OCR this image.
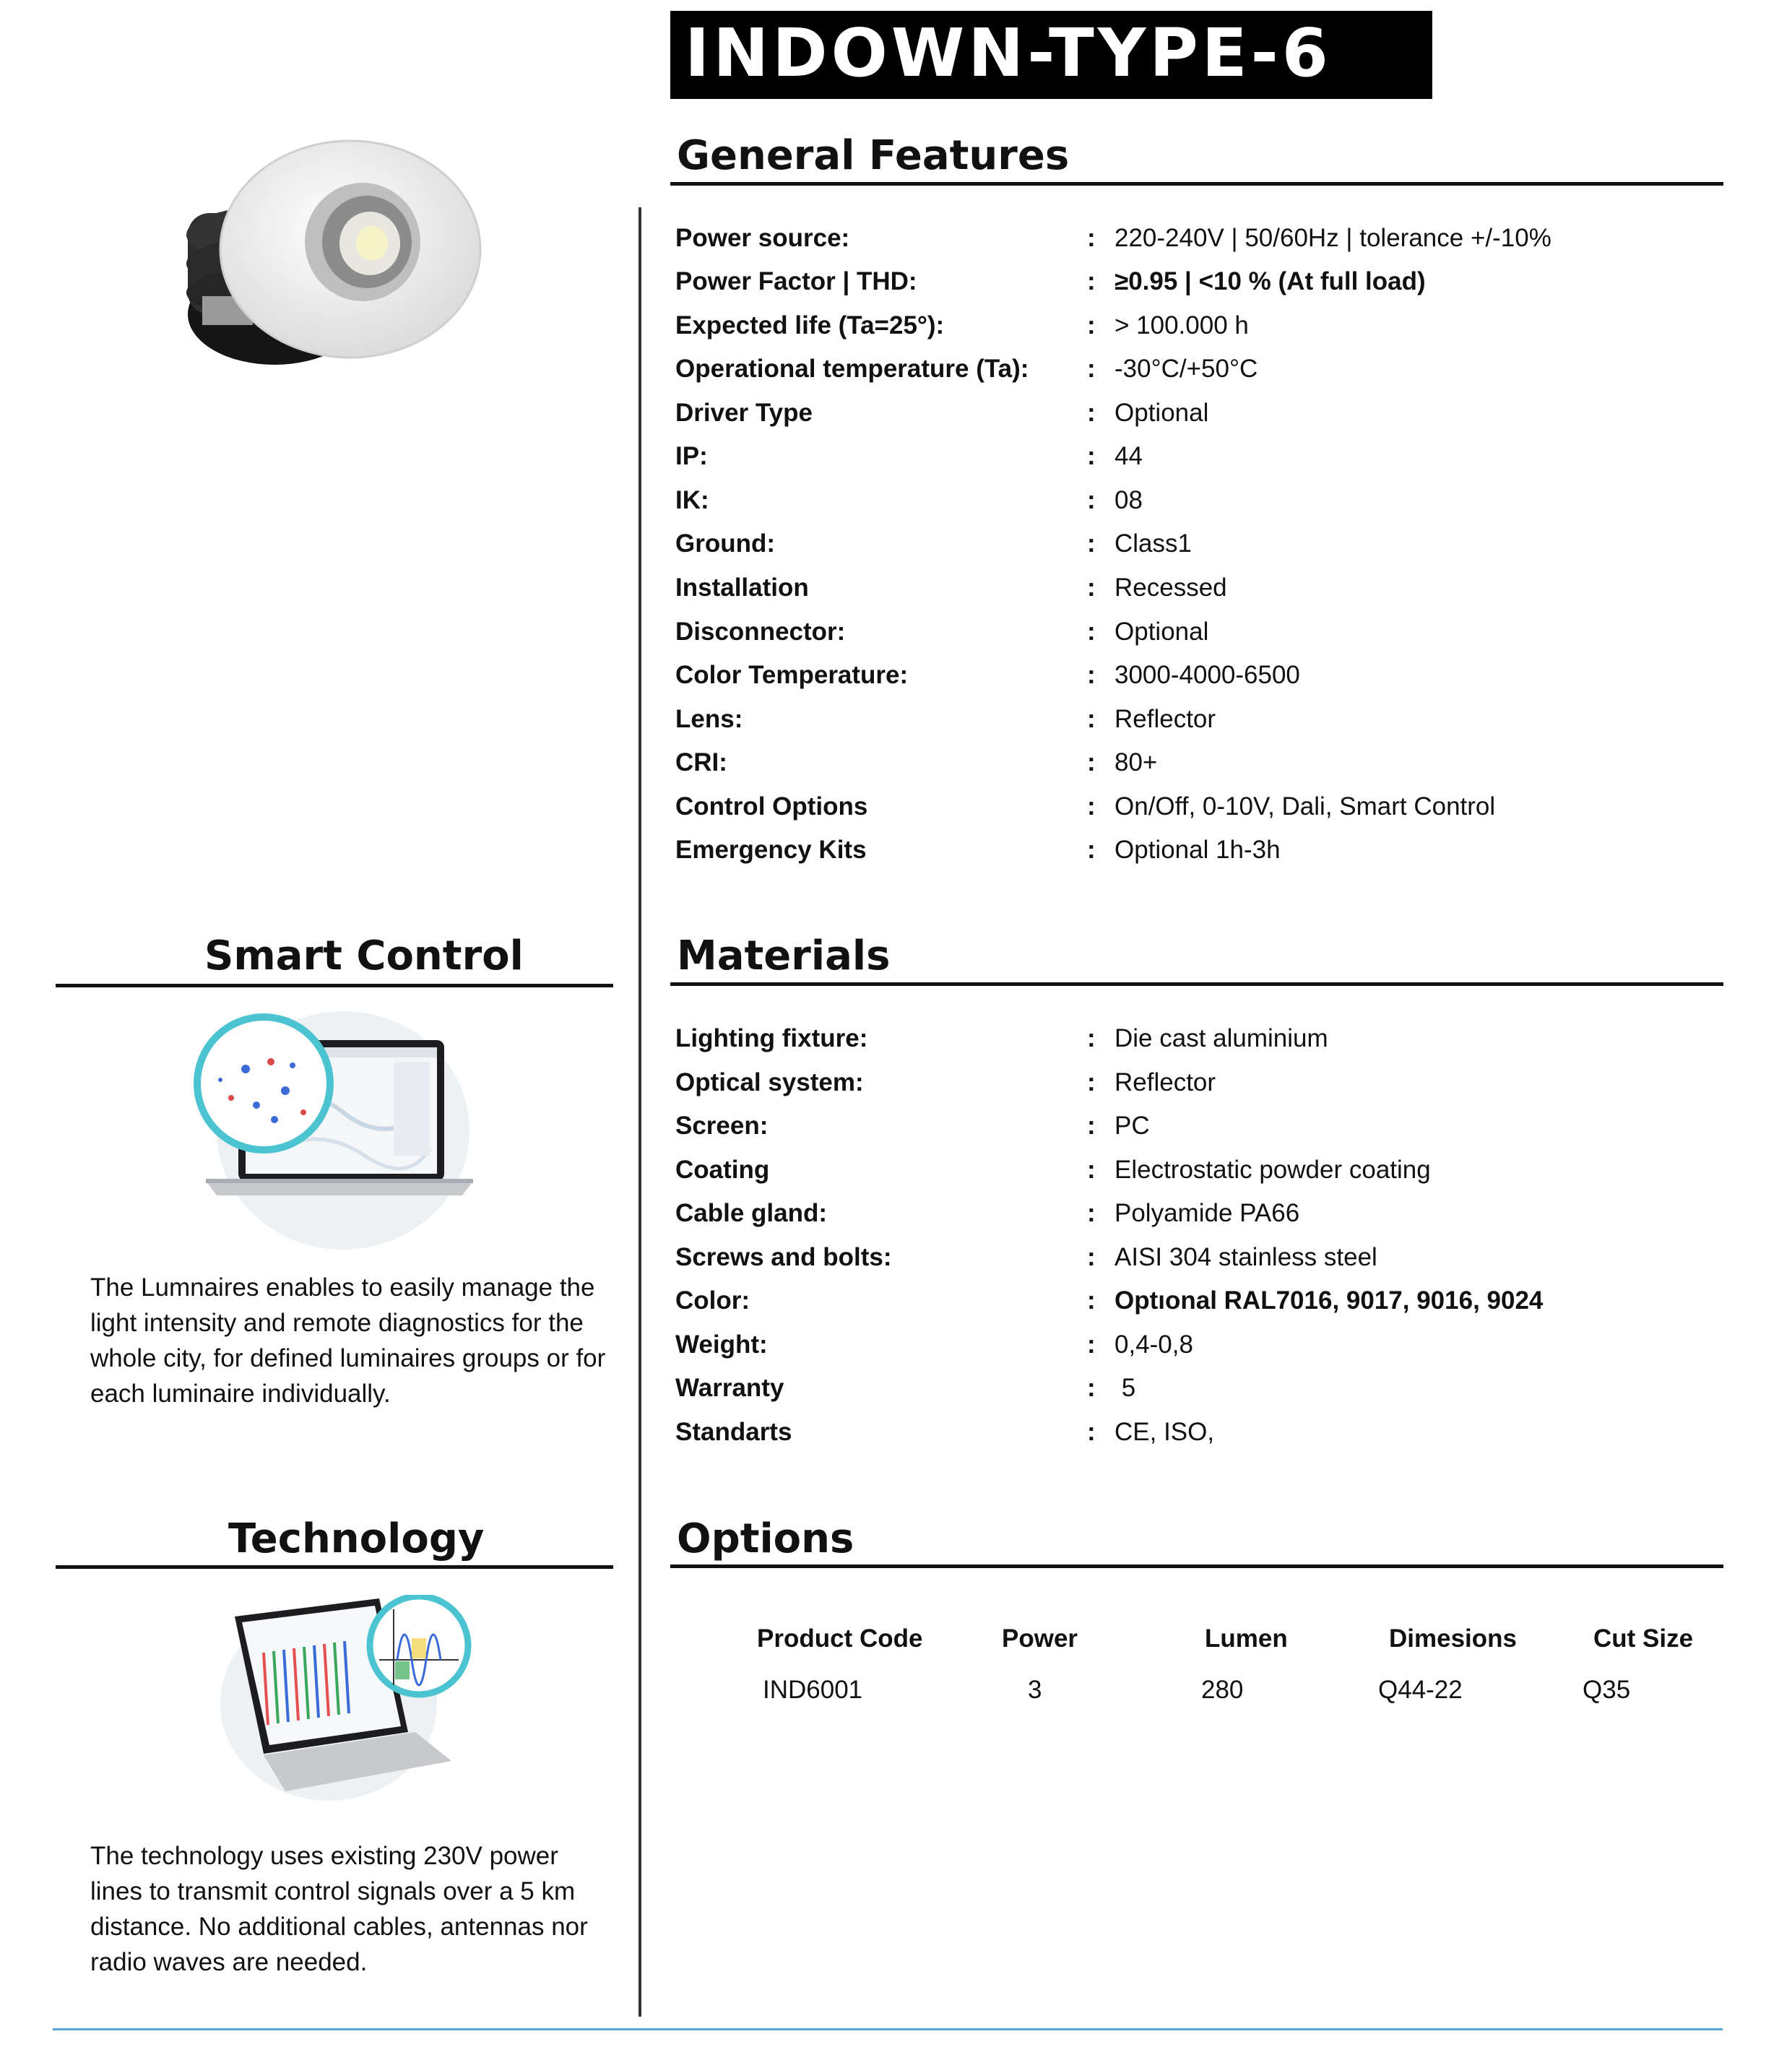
INDOWN-TYPE-6
General Features
Power source:	: 220-240V | 50/60Hz | tolerance +/-10%
Power Factor | THD:	: ≥0.95 | <10 % (At full load)
Expected life (Ta=25°):	: > 100.000 h
Operational temperature (Ta): : -30°C/+50°C
Driver Type	: Optional
IP:	: 44
IK:	: 08
Ground:	: Class1
Installation	: Recessed
Disconnector:	: Optional
Color Temperature:	: 3000-4000-6500
Lens:	: Reflector
CRI:	: 80+
Control Options	: On/Off, 0-10V, Dali, Smart Control
Emergency Kits	: Optional 1h-3h
Smart Control
The Lumnaires enables to easily manage the light intensity and remote diagnostics for the whole city, for defined luminaires groups or for each luminaire individually.
Technology
The technology uses existing 230V power lines to transmit control signals over a 5 km distance. No additional cables, antennas nor radio waves are needed.
Materials
Lighting fixture:	: Die cast aluminium
Optical system:	: Reflector
Screen:	: PC
Coating	: Electrostatic powder coating
Cable gland:	: Polyamide PA66
Screws and bolts:	: AISI 304 stainless steel
Color:	: Optıonal RAL7016, 9017, 9016, 9024
Weight:	: 0,4-0,8
Warranty	: 5
Standarts	: CE, ISO,
Options
Product Code	Power	Lumen	Dimesions	Cut Size
IND6001	3	280	Q44-22	Q35
